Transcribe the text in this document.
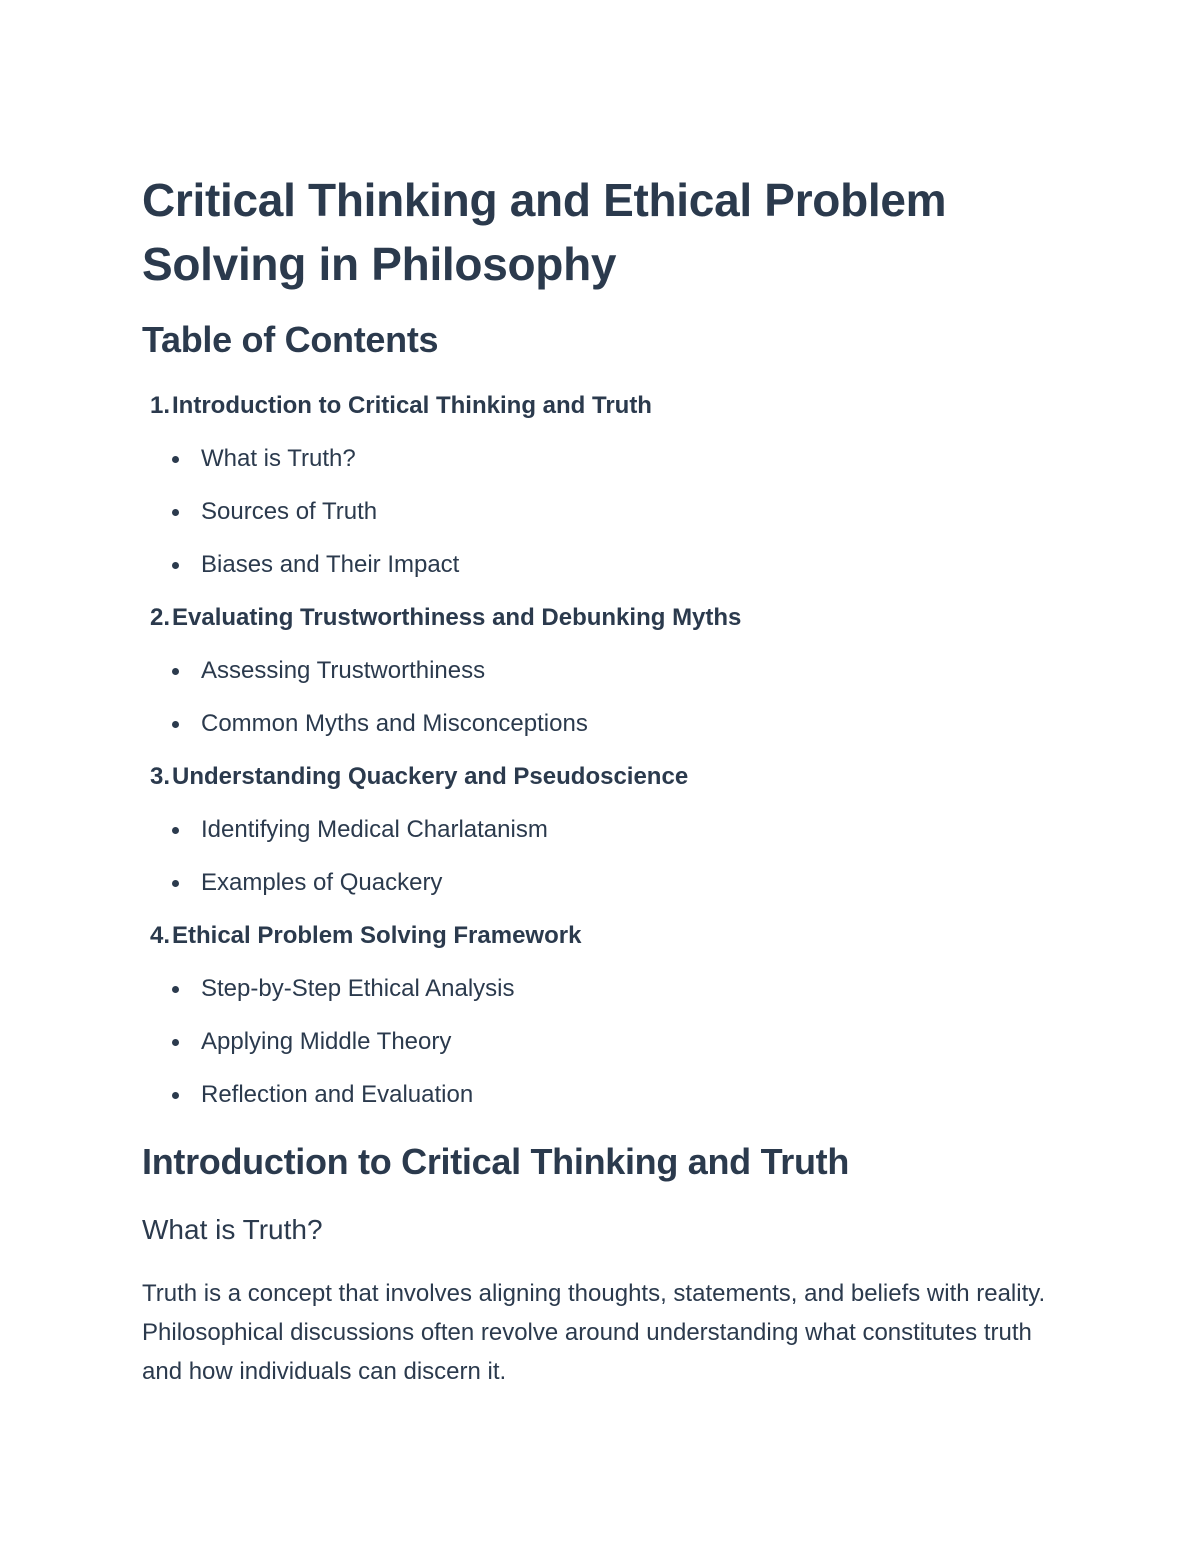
Critical Thinking and Ethical Problem Solving in Philosophy
Table of Contents
1. Introduction to Critical Thinking and Truth
What is Truth?
Sources of Truth
Biases and Their Impact
2. Evaluating Trustworthiness and Debunking Myths
Assessing Trustworthiness
Common Myths and Misconceptions
3. Understanding Quackery and Pseudoscience
Identifying Medical Charlatanism
Examples of Quackery
4. Ethical Problem Solving Framework
Step-by-Step Ethical Analysis
Applying Middle Theory
Reflection and Evaluation
Introduction to Critical Thinking and Truth
What is Truth?

Truth is a concept that involves aligning thoughts, statements, and beliefs with reality. Philosophical discussions often revolve around understanding what constitutes truth and how individuals can discern it.
